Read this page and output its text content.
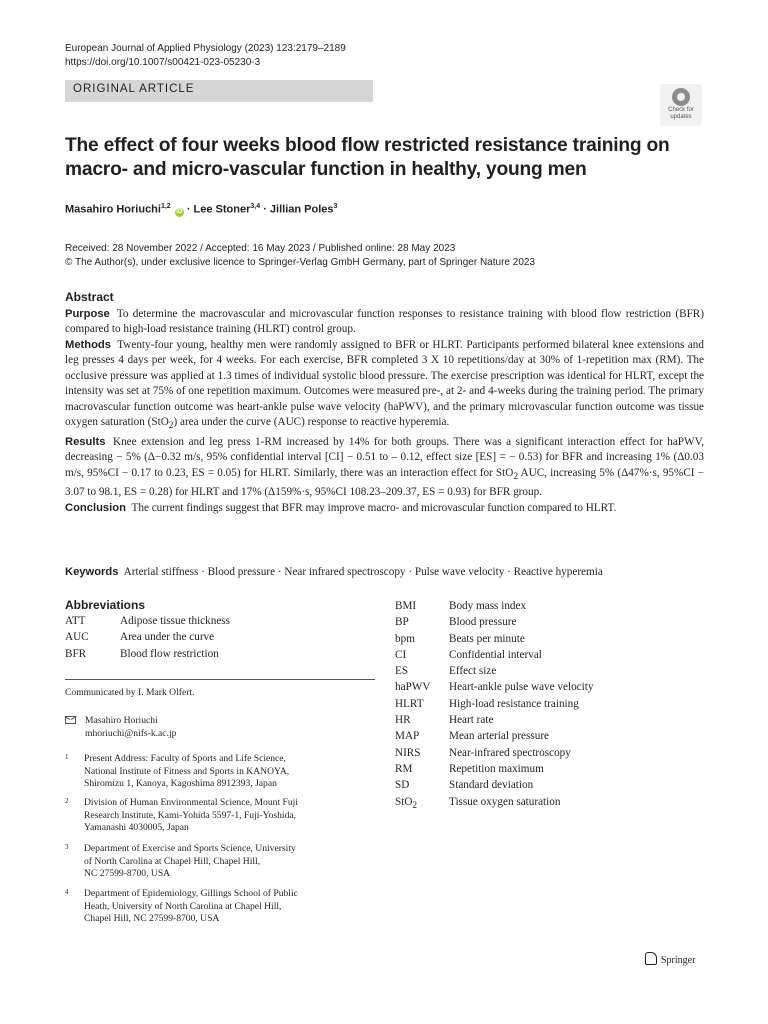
European Journal of Applied Physiology (2023) 123:2179–2189
https://doi.org/10.1007/s00421-023-05230-3
ORIGINAL ARTICLE
Check for
updates
The effect of four weeks blood flow restricted resistance training on macro- and micro-vascular function in healthy, young men
Masahiro Horiuchi$^{1,2}$ iD · Lee Stoner$^{3,4}$ · Jillian Poles$^3$
Received: 28 November 2022 / Accepted: 16 May 2023 / Published online: 28 May 2023
© The Author(s), under exclusive licence to Springer-Verlag GmbH Germany, part of Springer Nature 2023
Abstract

Purpose To determine the macrovascular and microvascular function responses to resistance training with blood flow restriction (BFR) compared to high-load resistance training (HLRT) control group.

Methods Twenty-four young, healthy men were randomly assigned to BFR or HLRT. Participants performed bilateral knee extensions and leg presses 4 days per week, for 4 weeks. For each exercise, BFR completed 3 X 10 repetitions/day at 30% of 1-repetition max (RM). The occlusive pressure was applied at 1.3 times of individual systolic blood pressure. The exercise prescription was identical for HLRT, except the intensity was set at 75% of one repetition maximum. Outcomes were measured pre-, at 2- and 4-weeks during the training period. The primary macrovascular function outcome was heart-ankle pulse wave velocity (haPWV), and the primary microvascular function outcome was tissue oxygen saturation (StO$_2$) area under the curve (AUC) response to reactive hyperemia.

Results Knee extension and leg press 1-RM increased by 14% for both groups. There was a significant interaction effect for haPWV, decreasing − 5% (Δ−0.32 m/s, 95% confidential interval [CI] − 0.51 to – 0.12, effect size [ES] = − 0.53) for BFR and increasing 1% (Δ0.03 m/s, 95%CI − 0.17 to 0.23, ES = 0.05) for HLRT. Similarly, there was an interaction effect for StO$_2$ AUC, increasing 5% (Δ47%·s, 95%CI − 3.07 to 98.1, ES = 0.28) for HLRT and 17% (Δ159%·s, 95%CI 108.23–209.37, ES = 0.93) for BFR group.

Conclusion The current findings suggest that BFR may improve macro- and microvascular function compared to HLRT.

Keywords Arterial stiffness · Blood pressure · Near infrared spectroscopy · Pulse wave velocity · Reactive hyperemia
Abbreviations
ATT	Adipose tissue thickness
AUC	Area under the curve
BFR	Blood flow restriction
BMI	Body mass index
BP	Blood pressure
bpm	Beats per minute
CI	Confidential interval
ES	Effect size
haPWV Heart-ankle pulse wave velocity
HLRT High-load resistance training
HR	Heart rate
MAP	Mean arterial pressure
NIRS	Near-infrared spectroscopy
RM	Repetition maximum
SD	Standard deviation
StO$_2$	Tissue oxygen saturation
Communicated by I. Mark Olfert.
Masahiro Horiuchi
mhoriuchi@nifs-k.ac.jp
1 Present Address: Faculty of Sports and Life Science,
National Institute of Fitness and Sports in KANOYA,
Shiromizu 1, Kanoya, Kagoshima 8912393, Japan
2 Division of Human Environmental Science, Mount Fuji
Research Institute, Kami-Yohida 5597-1, Fuji-Yoshida,
Yamanashi 4030005, Japan
3 Department of Exercise and Sports Science, University
of North Carolina at Chapel Hill, Chapel Hill,
NC 27599-8700, USA
4 Department of Epidemiology, Gillings School of Public
Heath, University of North Carolina at Chapel Hill,
Chapel Hill, NC 27599-8700, USA
Springer
